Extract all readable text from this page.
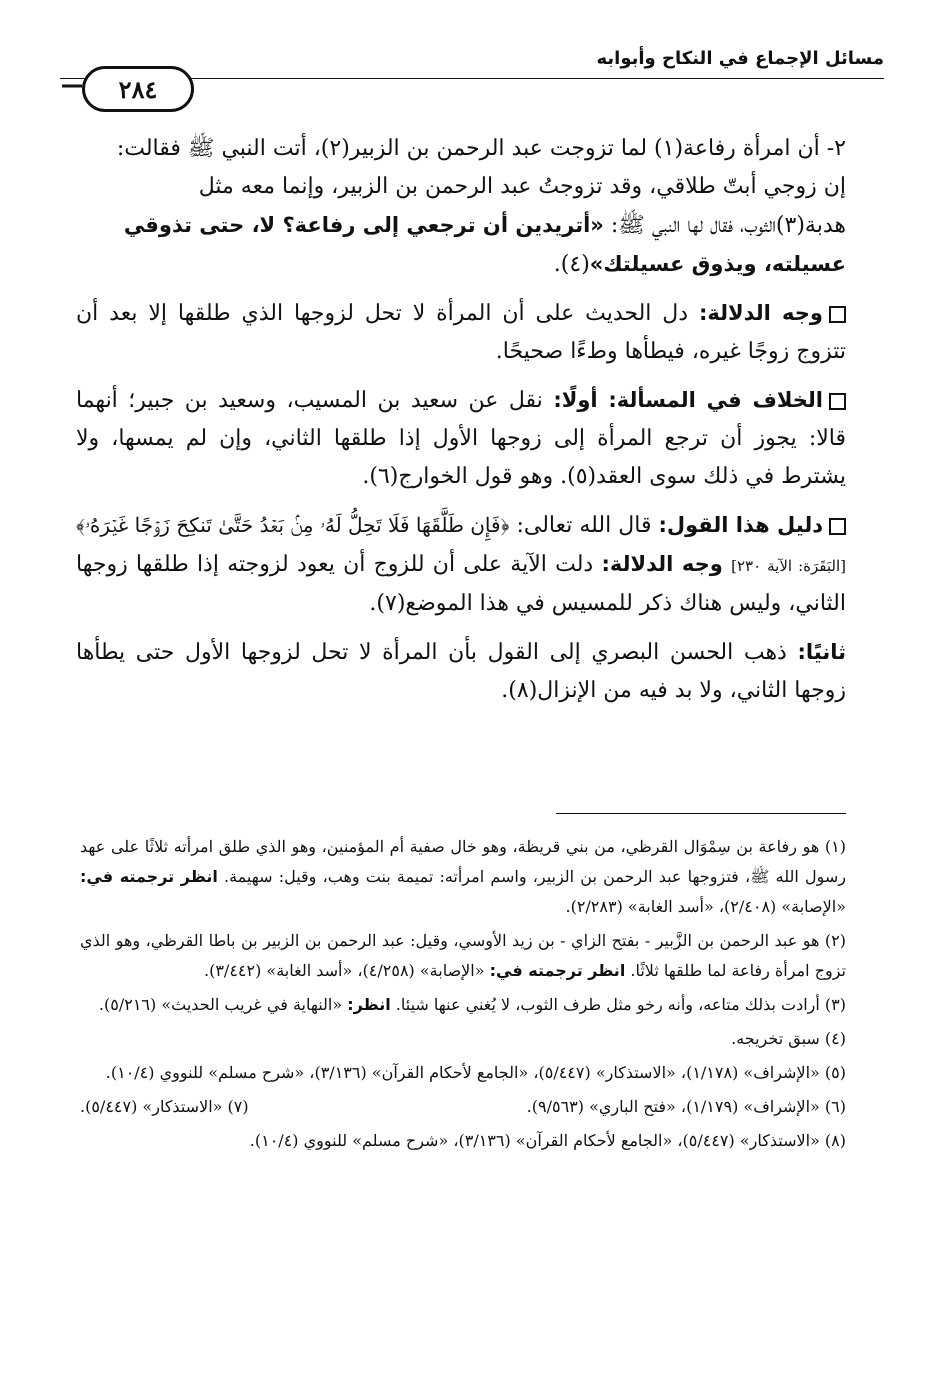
مسائل الإجماع في النكاح وأبوابه
٢٨٤

٢- أن امرأة رفاعة(١) لما تزوجت عبد الرحمن بن الزبير(٢)، أتت النبي ﷺ فقالت:

إن زوجي أبتّ طلاقي، وقد تزوجتُ عبد الرحمن بن الزبير، وإنما معه مثل

هدبة(٣)الثوب، فقال لها النبي ﷺ: «أتريدين أن ترجعي إلى رفاعة؟ لا، حتى تذوقي

عسيلته، ويذوق عسيلتك»(٤).

وجه الدلالة: دل الحديث على أن المرأة لا تحل لزوجها الذي طلقها إلا بعد أن تتزوج زوجًا غيره، فيطأها وطءًا صحيحًا.
الخلاف في المسألة: أولًا: نقل عن سعيد بن المسيب، وسعيد بن جبير؛ أنهما قالا: يجوز أن ترجع المرأة إلى زوجها الأول إذا طلقها الثاني، وإن لم يمسها، ولا يشترط في ذلك سوى العقد(٥). وهو قول الخوارج(٦).
دليل هذا القول: قال الله تعالى: ﴿فَإِن طَلَّقَهَا فَلَا تَحِلُّ لَهُۥ مِنۢ بَعۡدُ حَتَّىٰ تَنكِحَ زَوۡجًا غَيۡرَهُۥ﴾ [البَقَرَة: الآية ٢٣٠] وجه الدلالة: دلت الآية على أن للزوج أن يعود لزوجته إذا طلقها زوجها الثاني، وليس هناك ذكر للمسيس في هذا الموضع(٧).
ثانيًا: ذهب الحسن البصري إلى القول بأن المرأة لا تحل لزوجها الأول حتى يطأها زوجها الثاني، ولا بد فيه من الإنزال(٨).
(١) هو رفاعة بن سِمْوَال القرظي، من بني قريظة، وهو خال صفية أم المؤمنين، وهو الذي طلق امرأته ثلاثًا على عهد رسول الله ﷺ، فتزوجها عبد الرحمن بن الزبير، واسم امرأته: تميمة بنت وهب، وقيل: سهيمة. انظر ترجمته في: «الإصابة» (٢/٤٠٨)، «أسد الغابة» (٢/٢٨٣).
(٢) هو عبد الرحمن بن الزَّبير - بفتح الزاي - بن زيد الأوسي، وقيل: عبد الرحمن بن الزبير بن باطا القرظي، وهو الذي تزوج امرأة رفاعة لما طلقها ثلاثًا. انظر ترجمته في: «الإصابة» (٤/٢٥٨)، «أسد الغابة» (٣/٤٤٢).
(٣) أرادت بذلك متاعه، وأنه رخو مثل طرف الثوب، لا يُغني عنها شيئا. انظر: «النهاية في غريب الحديث» (٥/٢١٦).
(٤) سبق تخريجه.
(٥) «الإشراف» (١/١٧٨)، «الاستذكار» (٥/٤٤٧)، «الجامع لأحكام القرآن» (٣/١٣٦)، «شرح مسلم» للنووي (١٠/٤).
(٦) «الإشراف» (١/١٧٩)، «فتح الباري» (٩/٥٦٣).
(٧) «الاستذكار» (٥/٤٤٧).
(٨) «الاستذكار» (٥/٤٤٧)، «الجامع لأحكام القرآن» (٣/١٣٦)، «شرح مسلم» للنووي (١٠/٤).
